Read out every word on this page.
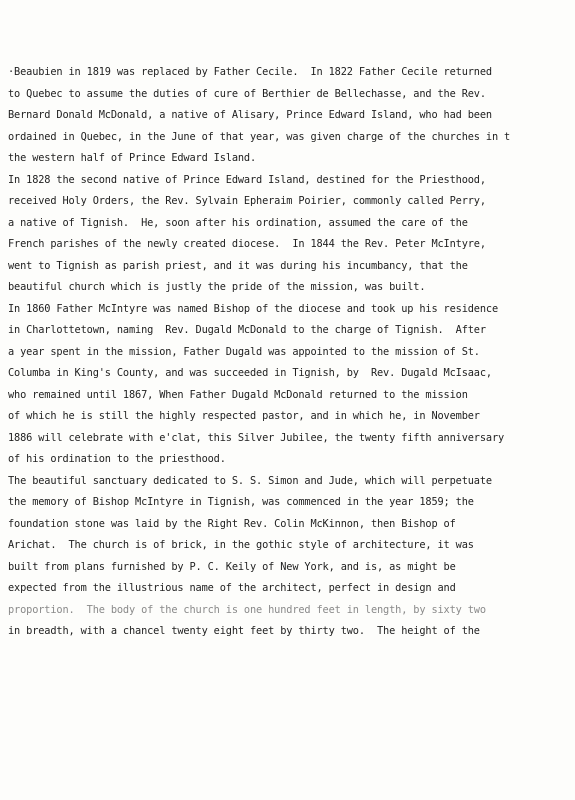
·Beaubien in 1819 was replaced by Father Cecile.  In 1822 Father Cecile returned
to Quebec to assume the duties of cure of Berthier de Bellechasse, and the Rev.
Bernard Donald McDonald, a native of Alisary, Prince Edward Island, who had been
ordained in Quebec, in the June of that year, was given charge of the churches in t
the western half of Prince Edward Island.
In 1828 the second native of Prince Edward Island, destined for the Priesthood,
received Holy Orders, the Rev. Sylvain Epheraim Poirier, commonly called Perry,
a native of Tignish.  He, soon after his ordination, assumed the care of the
French parishes of the newly created diocese.  In 1844 the Rev. Peter McIntyre,
went to Tignish as parish priest, and it was during his incumbancy, that the
beautiful church which is justly the pride of the mission, was built.
In 1860 Father McIntyre was named Bishop of the diocese and took up his residence
in Charlottetown, naming  Rev. Dugald McDonald to the charge of Tignish.  After
a year spent in the mission, Father Dugald was appointed to the mission of St.
Columba in King's County, and was succeeded in Tignish, by  Rev. Dugald McIsaac,
who remained until 1867, When Father Dugald McDonald returned to the mission
of which he is still the highly respected pastor, and in which he, in November
1886 will celebrate with e'clat, this Silver Jubilee, the twenty fifth anniversary
of his ordination to the priesthood.
The beautiful sanctuary dedicated to S. S. Simon and Jude, which will perpetuate
the memory of Bishop McIntyre in Tignish, was commenced in the year 1859; the
foundation stone was laid by the Right Rev. Colin McKinnon, then Bishop of
Arichat.  The church is of brick, in the gothic style of architecture, it was
built from plans furnished by P. C. Keily of New York, and is, as might be
expected from the illustrious name of the architect, perfect in design and
proportion.  The body of the church is one hundred feet in length, by sixty two
in breadth, with a chancel twenty eight feet by thirty two.  The height of the
